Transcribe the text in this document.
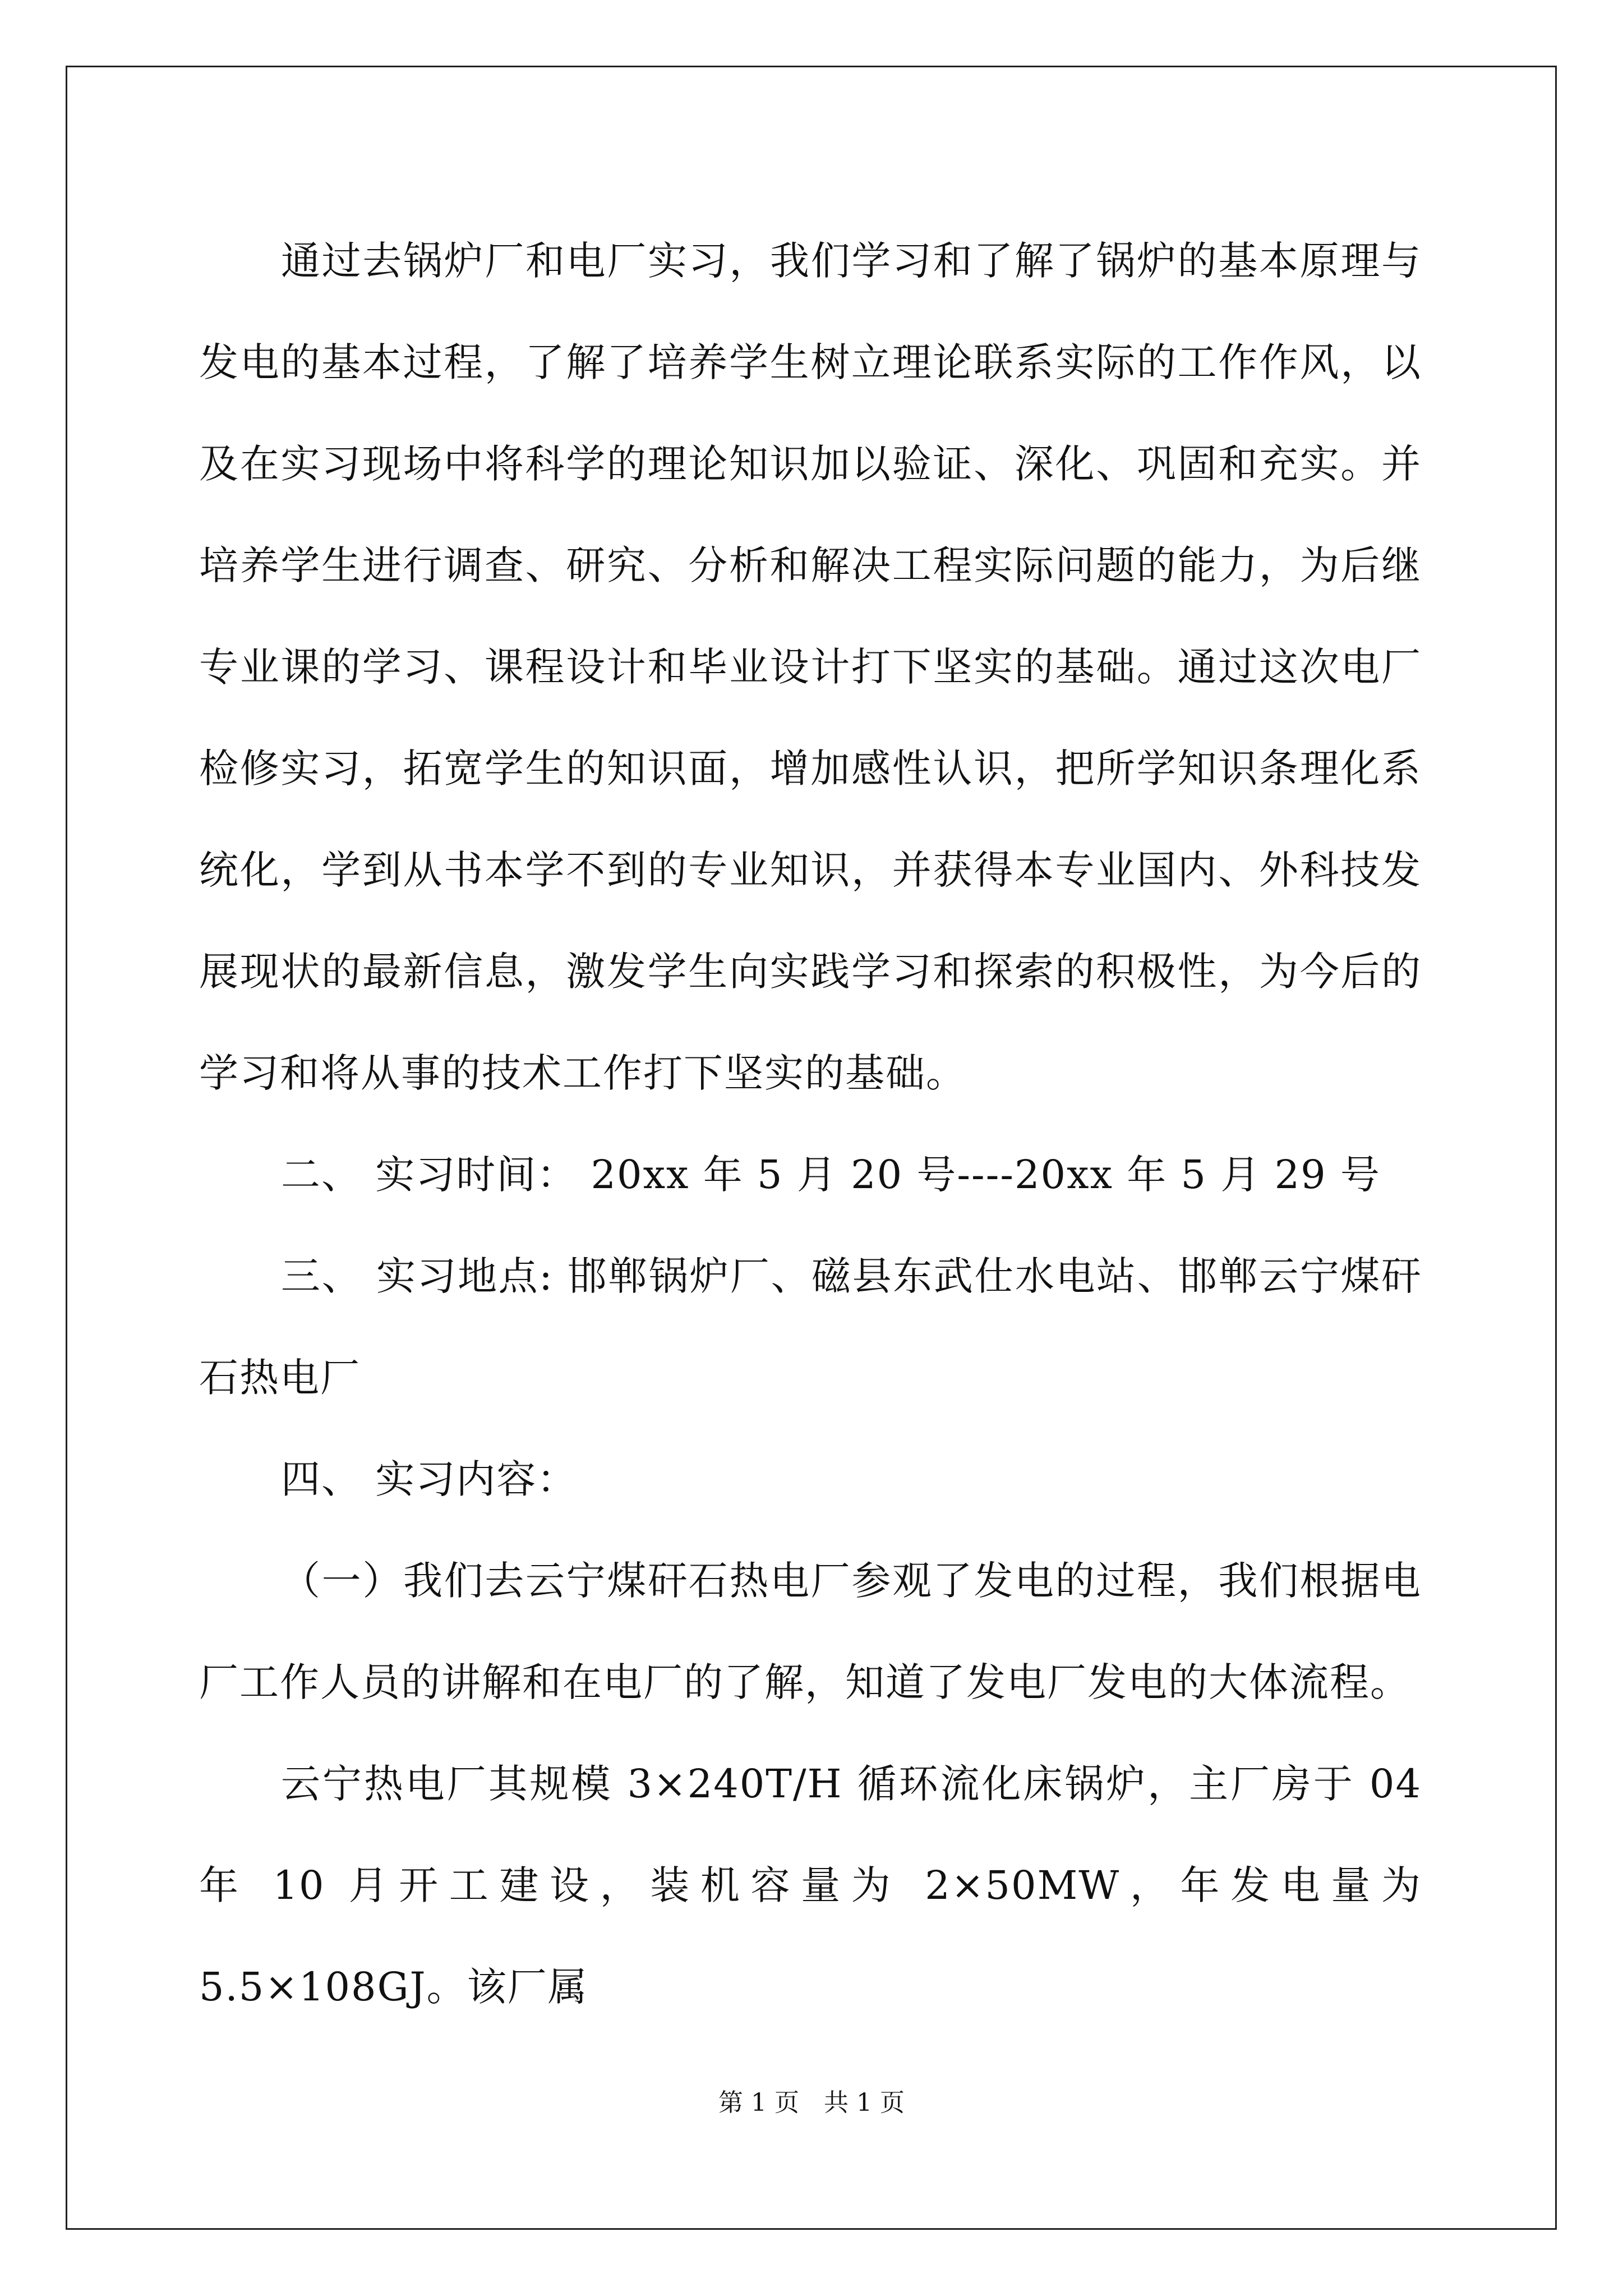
通过去锅炉厂和电厂实习，我们学习和了解了锅炉的基本原理与发电的基本过程，了解了培养学生树立理论联系实际的工作作风，以及在实习现场中将科学的理论知识加以验证、深化、巩固和充实。并培养学生进行调查、研究、分析和解决工程实际问题的能力，为后继专业课的学习、课程设计和毕业设计打下坚实的基础。通过这次电厂检修实习，拓宽学生的知识面，增加感性认识，把所学知识条理化系统化，学到从书本学不到的专业知识，并获得本专业国内、外科技发展现状的最新信息，激发学生向实践学习和探索的积极性，为今后的学习和将从事的技术工作打下坚实的基础。

二、 实习时间： 20xx 年 5 月 20 号----20xx 年 5 月 29 号

三、 实习地点: 邯郸锅炉厂、磁县东武仕水电站、邯郸云宁煤矸石热电厂

四、 实习内容：

（一）我们去云宁煤矸石热电厂参观了发电的过程，我们根据电厂工作人员的讲解和在电厂的了解，知道了发电厂发电的大体流程。

云宁热电厂其规模 3×240T/H 循环流化床锅炉，主厂房于 04 年 10 月开工建设，装机容量为 2×50MW，年发电量为 5.5×108GJ。该厂属

第 1 页　共 1 页
